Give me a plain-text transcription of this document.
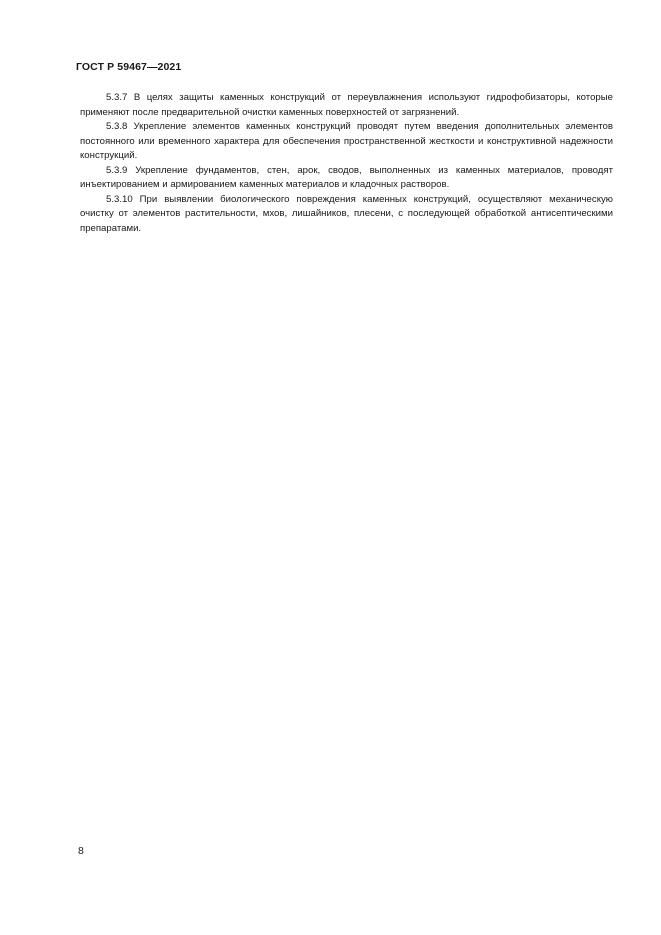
ГОСТ Р 59467—2021

5.3.7 В целях защиты каменных конструкций от переувлажнения используют гидрофобизаторы, которые применяют после предварительной очистки каменных поверхностей от загрязнений.

5.3.8 Укрепление элементов каменных конструкций проводят путем введения дополнительных элементов постоянного или временного характера для обеспечения пространственной жесткости и конструктивной надежности конструкций.

5.3.9 Укрепление фундаментов, стен, арок, сводов, выполненных из каменных материалов, проводят инъектированием и армированием каменных материалов и кладочных растворов.

5.3.10 При выявлении биологического повреждения каменных конструкций, осуществляют механическую очистку от элементов растительности, мхов, лишайников, плесени, с последующей обработкой антисептическими препаратами.

8
